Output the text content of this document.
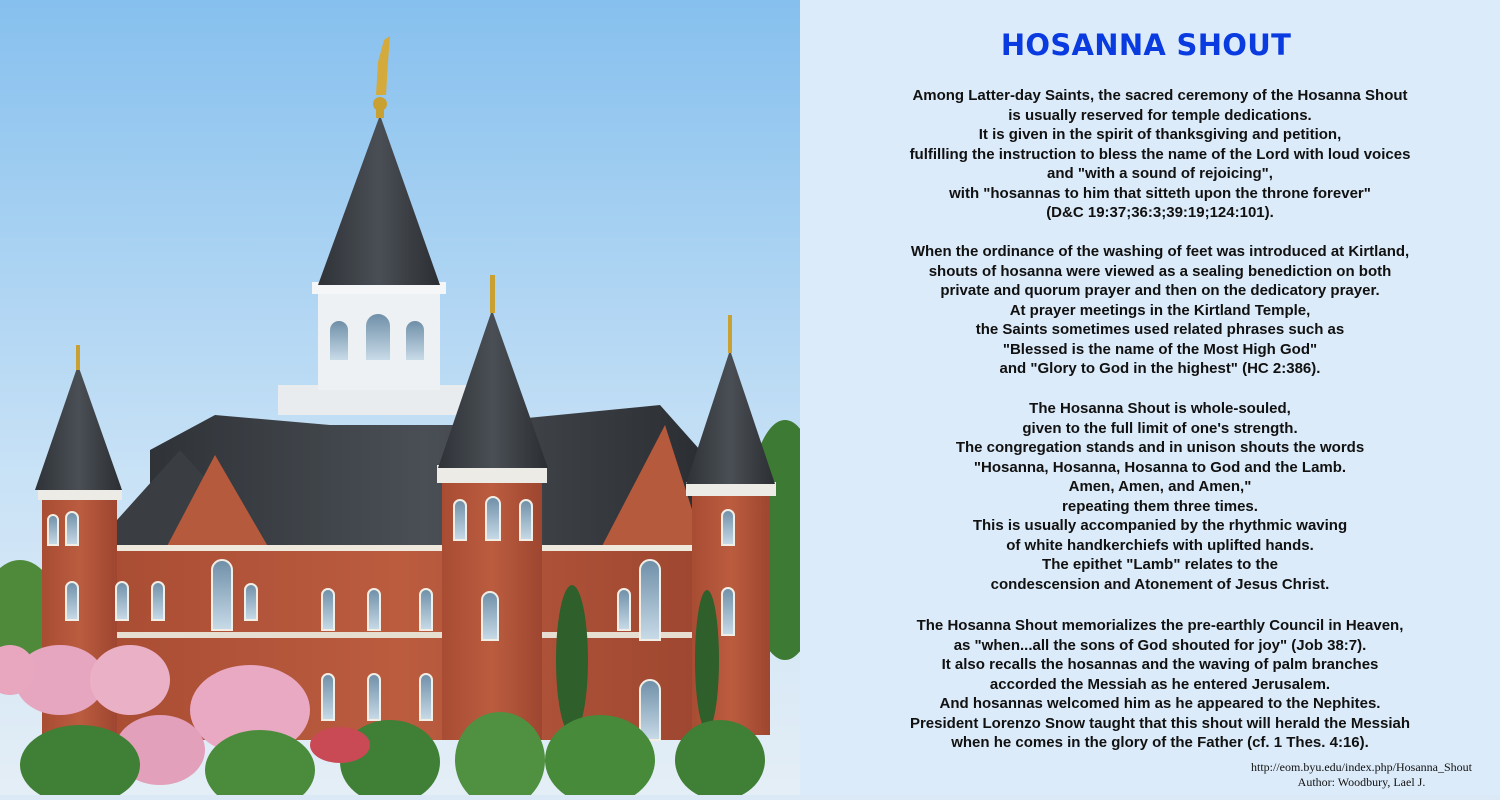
HOSANNA SHOUT
Among Latter-day Saints, the sacred ceremony of the Hosanna Shout
is usually reserved for temple dedications.
It is given in the spirit of thanksgiving and petition,
fulfilling the instruction to bless the name of the Lord with loud voices
and "with a sound of rejoicing",
with "hosannas to him that sitteth upon the throne forever"
(D&C 19:37;36:3;39:19;124:101).
When the ordinance of the washing of feet was introduced at Kirtland,
shouts of hosanna were viewed as a sealing benediction on both
private and quorum prayer and then on the dedicatory prayer.
At prayer meetings in the Kirtland Temple,
the Saints sometimes used related phrases such as
"Blessed is the name of the Most High God"
and "Glory to God in the highest" (HC 2:386).
The Hosanna Shout is whole-souled,
given to the full limit of one's strength.
The congregation stands and in unison shouts the words
"Hosanna, Hosanna, Hosanna to God and the Lamb.
Amen, Amen, and Amen,"
repeating them three times.
This is usually accompanied by the rhythmic waving
of white handkerchiefs with uplifted hands.
The epithet "Lamb" relates to the
condescension and Atonement of Jesus Christ.
The Hosanna Shout memorializes the pre-earthly Council in Heaven,
as "when...all the sons of God shouted for joy" (Job 38:7).
It also recalls the hosannas and the waving of palm branches
accorded the Messiah as he entered Jerusalem.
And hosannas welcomed him as he appeared to the Nephites.
President Lorenzo Snow taught that this shout will herald the Messiah
when he comes in the glory of the Father (cf. 1 Thes. 4:16).
http://eom.byu.edu/index.php/Hosanna_Shout
Author: Woodbury, Lael J.
